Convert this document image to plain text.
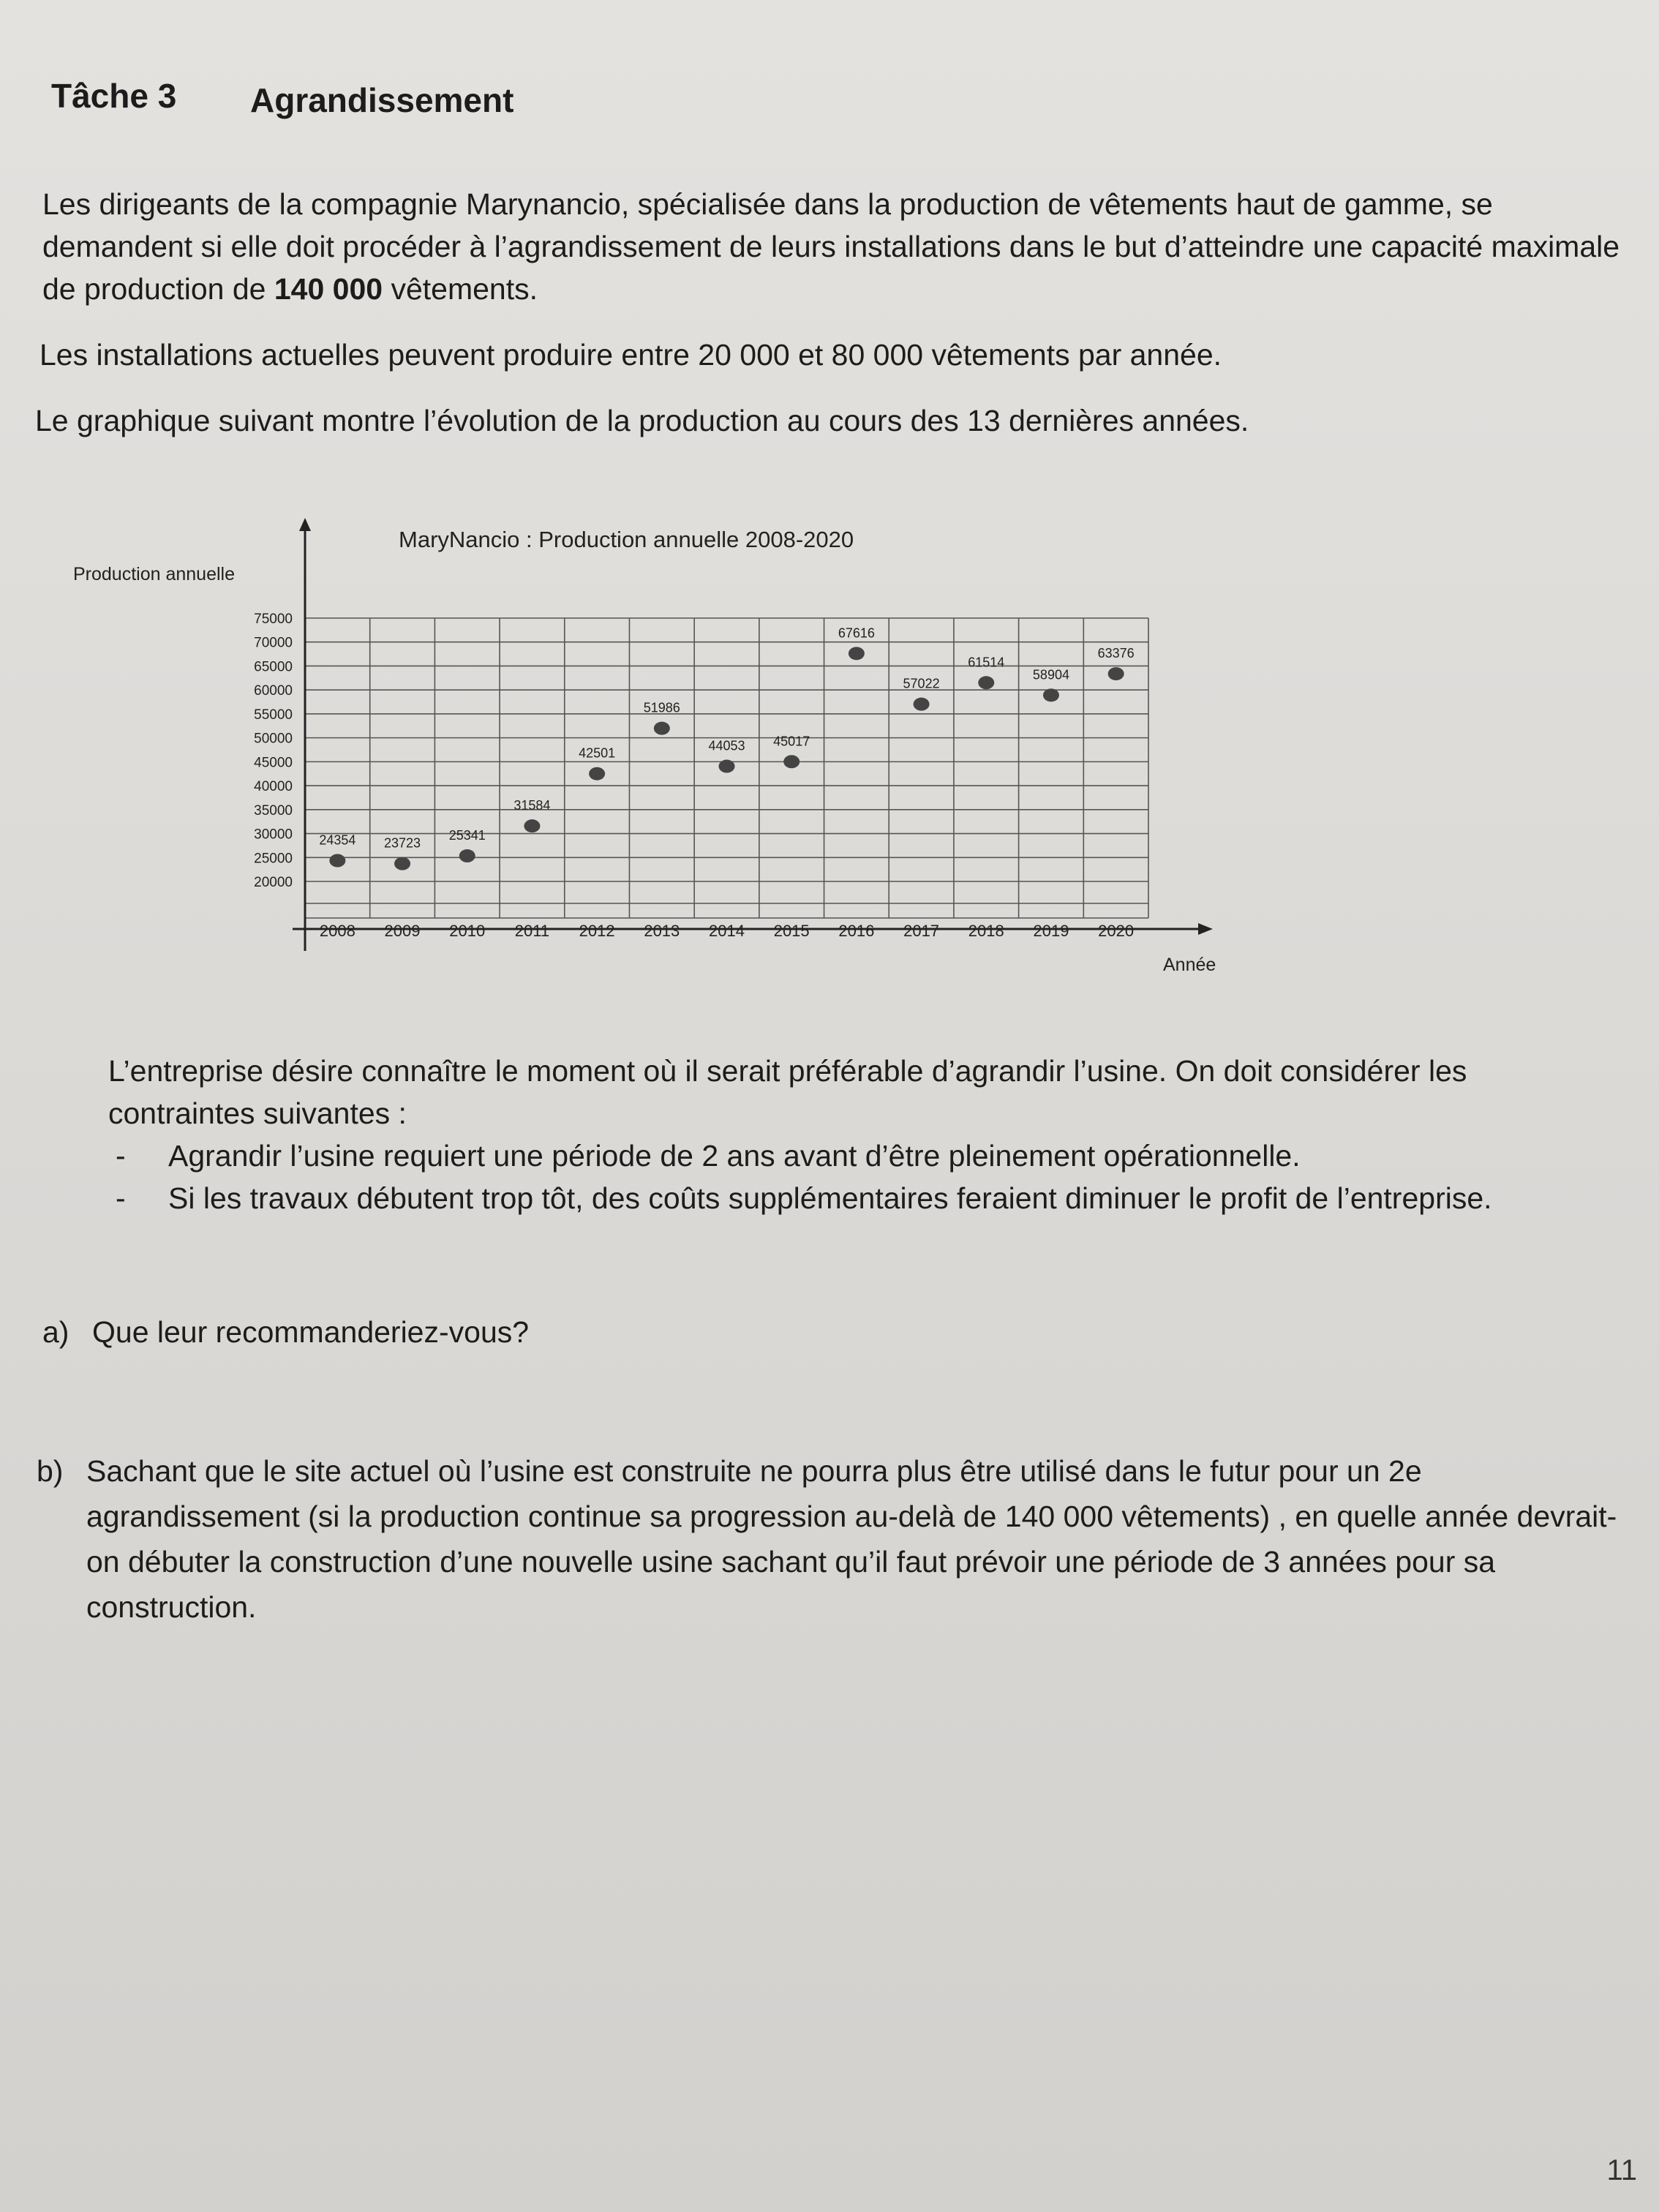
Tâche 3 Agrandissement

Les dirigeants de la compagnie Marynancio, spécialisée dans la production de vêtements haut de gamme, se demandent si elle doit procéder à l’agrandissement de leurs installations dans le but d’atteindre une capacité maximale de production de 140 000 vêtements.

Les installations actuelles peuvent produire entre 20 000 et 80 000 vêtements par année.

Le graphique suivant montre l’évolution de la production au cours des 13 dernières années.

MaryNancio : Production annuelle 2008-2020
Production annuelle
Année
75000
70000
65000
60000
55000
50000
45000
40000
35000
30000
25000
20000
2008 2009 2010 2011 2012 2013 2014 2015 2016 2017 2018 2019 2020
24354 23723
25341
31584
42501
51986
44053 45017
67616
57022
61514
58904
63376

L’entreprise désire connaître le moment où il serait préférable d’agrandir l’usine. On doit considérer les contraintes suivantes :

-	Agrandir l’usine requiert une période de 2 ans avant d’être pleinement opérationnelle.
-	Si les travaux débutent trop tôt, des coûts supplémentaires feraient diminuer le profit de l’entreprise.
a) Que leur recommanderiez-vous?
b) Sachant que le site actuel où l’usine est construite ne pourra plus être utilisé dans le futur pour un 2e agrandissement (si la production continue sa progression au-delà de 140 000 vêtements) , en quelle année devrait-on débuter la construction d’une nouvelle usine sachant qu’il faut prévoir une période de 3 années pour sa construction.
11
